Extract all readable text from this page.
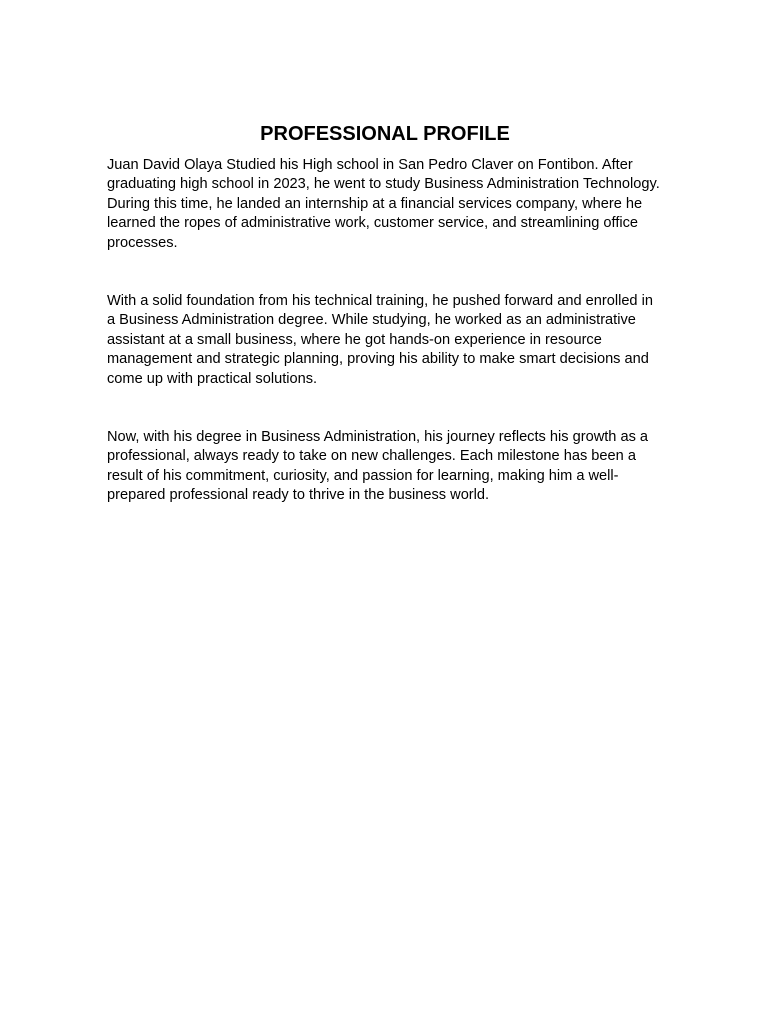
PROFESSIONAL PROFILE

Juan David Olaya Studied his High school in San Pedro Claver on Fontibon. After graduating high school in 2023, he went to study Business Administration Technology. During this time, he landed an internship at a financial services company, where he learned the ropes of administrative work, customer service, and streamlining office processes.

With a solid foundation from his technical training, he pushed forward and enrolled in a Business Administration degree. While studying, he worked as an administrative assistant at a small business, where he got hands-on experience in resource management and strategic planning, proving his ability to make smart decisions and come up with practical solutions.

Now, with his degree in Business Administration, his journey reflects his growth as a professional, always ready to take on new challenges. Each milestone has been a result of his commitment, curiosity, and passion for learning, making him a well-prepared professional ready to thrive in the business world.
